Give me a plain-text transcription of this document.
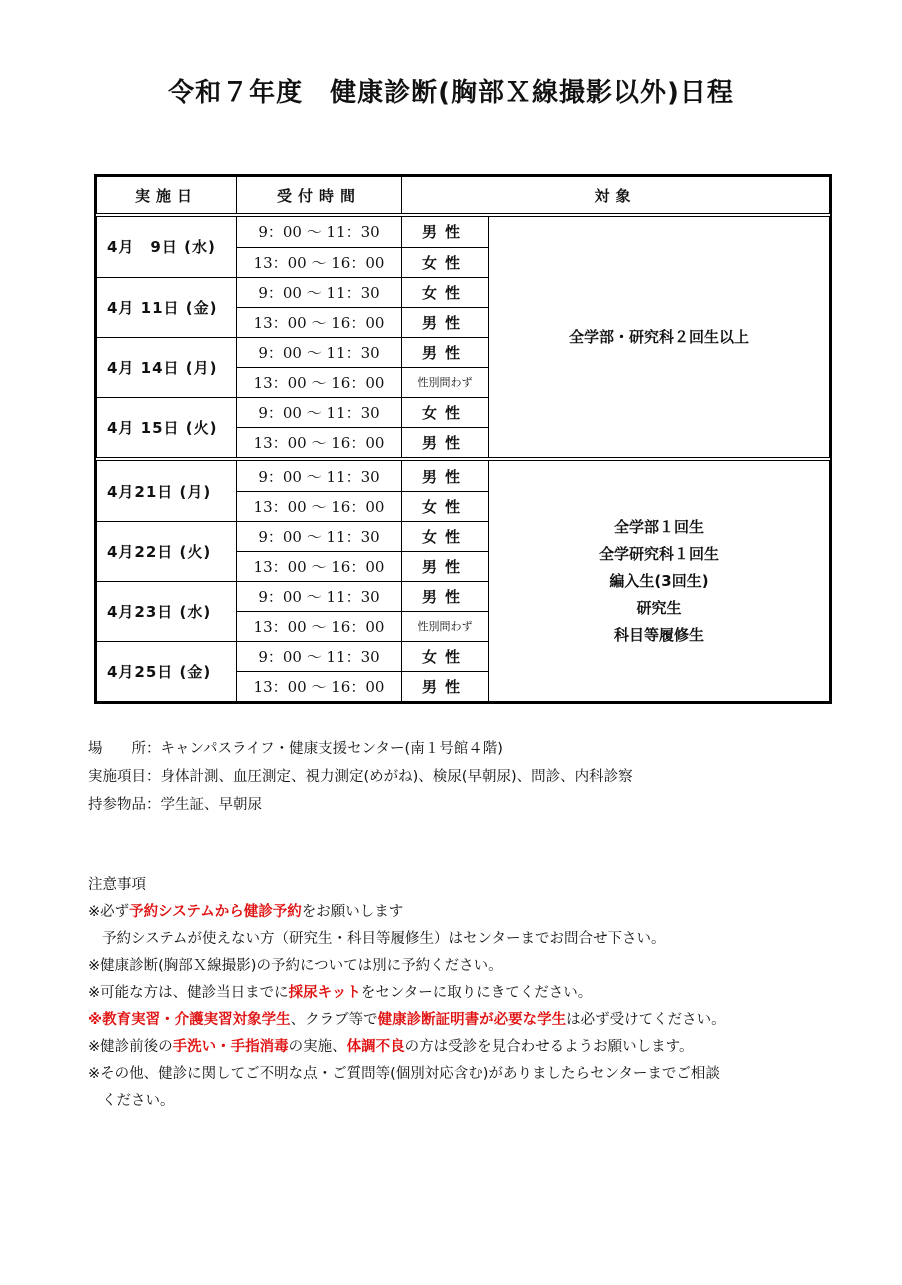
令和７年度　健康診断(胸部Ｘ線撮影以外)日程
実施日	受付時間	対象	
4月　9日 (水)	9：00 ～ 11：30	男性	全学部・研究科２回生以上

	13：00 ～ 16：00	女性	
4月 11日 (金)	9：00 ～ 11：30	女性	
	13：00 ～ 16：00	男性	
4月 14日 (月)	9：00 ～ 11：30	男性	
	13：00 ～ 16：00	性別問わず	
4月 15日 (火)	9：00 ～ 11：30	女性	
	13：00 ～ 16：00	男性	
4月21日 (月)	9：00 ～ 11：30	男性	全学部１回生
全学研究科１回生
編入生(3回生)
研究生
科目等履修生

	13：00 ～ 16：00	女性	
4月22日 (火)	9：00 ～ 11：30	女性	
	13：00 ～ 16：00	男性	
4月23日 (水)	9：00 ～ 11：30	男性	
	13：00 ～ 16：00	性別問わず	
4月25日 (金)	9：00 ～ 11：30	女性	
	13：00 ～ 16：00	男性	
場　　所：キャンパスライフ・健康支援センター(南１号館４階)
実施項目：身体計測、血圧測定、視力測定(めがね)、検尿(早朝尿)、問診、内科診察
持参物品：学生証、早朝尿
注意事項
※必ず予約システムから健診予約をお願いします
予約システムが使えない方（研究生・科目等履修生）はセンターまでお問合せ下さい。
※健康診断(胸部Ｘ線撮影)の予約については別に予約ください。
※可能な方は、健診当日までに採尿キットをセンターに取りにきてください。
※教育実習・介護実習対象学生、クラブ等で健康診断証明書が必要な学生は必ず受けてください。
※健診前後の手洗い・手指消毒の実施、体調不良の方は受診を見合わせるようお願いします。
※その他、健診に関してご不明な点・ご質問等(個別対応含む)がありましたらセンターまでご相談
ください。
